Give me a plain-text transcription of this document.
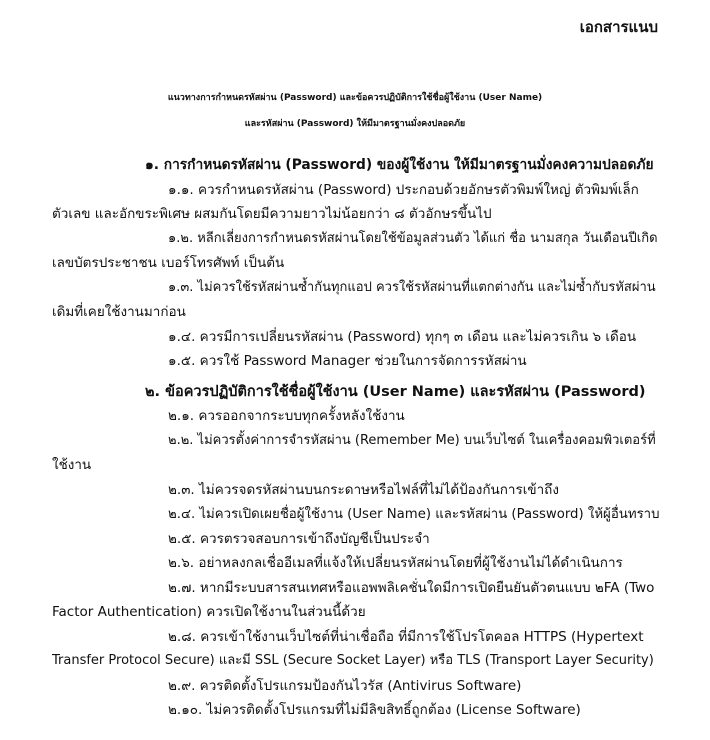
เอกสารแนบ
แนวทางการกำหนดรหัสผ่าน (Password) และข้อควรปฏิบัติการใช้ชื่อผู้ใช้งาน (User Name)
และรหัสผ่าน (Password) ให้มีมาตรฐานมั่งคงปลอดภัย
๑. การกำหนดรหัสผ่าน (Password) ของผู้ใช้งาน ให้มีมาตรฐานมั่งคงความปลอดภัย
๑.๑. ควรกำหนดรหัสผ่าน (Password) ประกอบด้วยอักษรตัวพิมพ์ใหญ่ ตัวพิมพ์เล็ก
ตัวเลข และอักขระพิเศษ ผสมกันโดยมีความยาวไม่น้อยกว่า ๘ ตัวอักษรขึ้นไป
๑.๒. หลีกเลี่ยงการกำหนดรหัสผ่านโดยใช้ข้อมูลส่วนตัว ได้แก่ ชื่อ นามสกุล วันเดือนปีเกิด
เลขบัตรประชาชน เบอร์โทรศัพท์ เป็นต้น
๑.๓. ไม่ควรใช้รหัสผ่านซ้ำกันทุกแอป ควรใช้รหัสผ่านที่แตกต่างกัน และไม่ซ้ำกับรหัสผ่าน
เดิมที่เคยใช้งานมาก่อน
๑.๔. ควรมีการเปลี่ยนรหัสผ่าน (Password) ทุกๆ ๓ เดือน และไม่ควรเกิน ๖ เดือน
๑.๕. ควรใช้ Password Manager ช่วยในการจัดการรหัสผ่าน
๒. ข้อควรปฏิบัติการใช้ชื่อผู้ใช้งาน (User Name) และรหัสผ่าน (Password)
๒.๑. ควรออกจากระบบทุกครั้งหลังใช้งาน
๒.๒. ไม่ควรตั้งค่าการจำรหัสผ่าน (Remember Me) บนเว็บไซต์ ในเครื่องคอมพิวเตอร์ที่
ใช้งาน
๒.๓. ไม่ควรจดรหัสผ่านบนกระดาษหรือไฟล์ที่ไม่ได้ป้องกันการเข้าถึง
๒.๔. ไม่ควรเปิดเผยชื่อผู้ใช้งาน (User Name) และรหัสผ่าน (Password) ให้ผู้อื่นทราบ
๒.๕. ควรตรวจสอบการเข้าถึงบัญชีเป็นประจำ
๒.๖. อย่าหลงกลเชื่ออีเมลที่แจ้งให้เปลี่ยนรหัสผ่านโดยที่ผู้ใช้งานไม่ได้ดำเนินการ
๒.๗. หากมีระบบสารสนเทศหรือแอพพลิเคชั่นใดมีการเปิดยืนยันตัวตนแบบ ๒FA (Two
Factor Authentication) ควรเปิดใช้งานในส่วนนี้ด้วย
๒.๘. ควรเข้าใช้งานเว็บไซต์ที่น่าเชื่อถือ ที่มีการใช้โปรโตคอล HTTPS (Hypertext
Transfer Protocol Secure) และมี SSL (Secure Socket Layer) หรือ TLS (Transport Layer Security)
๒.๙. ควรติดตั้งโปรแกรมป้องกันไวรัส (Antivirus Software)
๒.๑๐. ไม่ควรติดตั้งโปรแกรมที่ไม่มีลิขสิทธิ์ถูกต้อง (License Software)
